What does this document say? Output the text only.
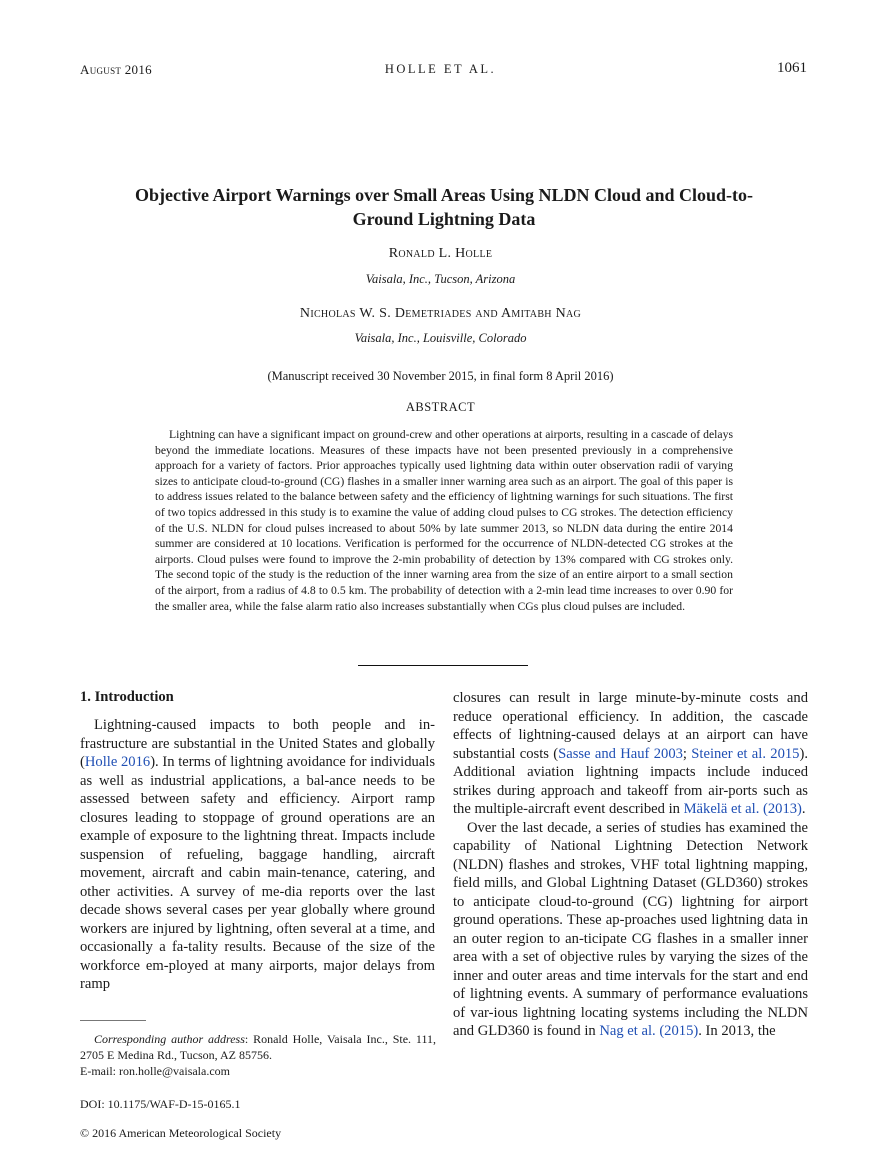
August 2016	HOLLE ET AL.	1061
Objective Airport Warnings over Small Areas Using NLDN Cloud and Cloud-to-Ground Lightning Data
Ronald L. Holle
Vaisala, Inc., Tucson, Arizona
Nicholas W. S. Demetriades and Amitabh Nag
Vaisala, Inc., Louisville, Colorado
(Manuscript received 30 November 2015, in final form 8 April 2016)
ABSTRACT

Lightning can have a significant impact on ground-crew and other operations at airports, resulting in a cascade of delays beyond the immediate locations. Measures of these impacts have not been presented previously in a comprehensive approach for a variety of factors. Prior approaches typically used lightning data within outer observation radii of varying sizes to anticipate cloud-to-ground (CG) flashes in a smaller inner warning area such as an airport. The goal of this paper is to address issues related to the balance between safety and the efficiency of lightning warnings for such situations. The first of two topics addressed in this study is to examine the value of adding cloud pulses to CG strokes. The detection efficiency of the U.S. NLDN for cloud pulses increased to about 50% by late summer 2013, so NLDN data during the entire 2014 summer are considered at 10 locations. Verification is performed for the occurrence of NLDN-detected CG strokes at the airports. Cloud pulses were found to improve the 2-min probability of detection by 13% compared with CG strokes only. The second topic of the study is the reduction of the inner warning area from the size of an entire airport to a small section of the airport, from a radius of 4.8 to 0.5 km. The probability of detection with a 2-min lead time increases to over 0.90 for the smaller area, while the false alarm ratio also increases substantially when CGs plus cloud pulses are included.

1. Introduction

Lightning-caused impacts to both people and in-frastructure are substantial in the United States and globally (Holle 2016). In terms of lightning avoidance for individuals as well as industrial applications, a bal-ance needs to be assessed between safety and efficiency. Airport ramp closures leading to stoppage of ground operations are an example of exposure to the lightning threat. Impacts include suspension of refueling, baggage handling, aircraft movement, aircraft and cabin main-tenance, catering, and other activities. A survey of me-dia reports over the last decade shows several cases per year globally where ground workers are injured by lightning, often several at a time, and occasionally a fa-tality results. Because of the size of the workforce em-ployed at many airports, major delays from ramp

closures can result in large minute-by-minute costs and reduce operational efficiency. In addition, the cascade effects of lightning-caused delays at an airport can have substantial costs (Sasse and Hauf 2003; Steiner et al. 2015). Additional aviation lightning impacts include induced strikes during approach and takeoff from air-ports such as the multiple-aircraft event described in Mäkelä et al. (2013).

Over the last decade, a series of studies has examined the capability of National Lightning Detection Network (NLDN) flashes and strokes, VHF total lightning mapping, field mills, and Global Lightning Dataset (GLD360) strokes to anticipate cloud-to-ground (CG) lightning for airport ground operations. These ap-proaches used lightning data in an outer region to an-ticipate CG flashes in a smaller inner area with a set of objective rules by varying the sizes of the inner and outer areas and time intervals for the start and end of lightning events. A summary of performance evaluations of var-ious lightning locating systems including the NLDN and GLD360 is found in Nag et al. (2015). In 2013, the

Corresponding author address: Ronald Holle, Vaisala Inc., Ste. 111, 2705 E Medina Rd., Tucson, AZ 85756.
E-mail: ron.holle@vaisala.com

DOI: 10.1175/WAF-D-15-0165.1
© 2016 American Meteorological Society
